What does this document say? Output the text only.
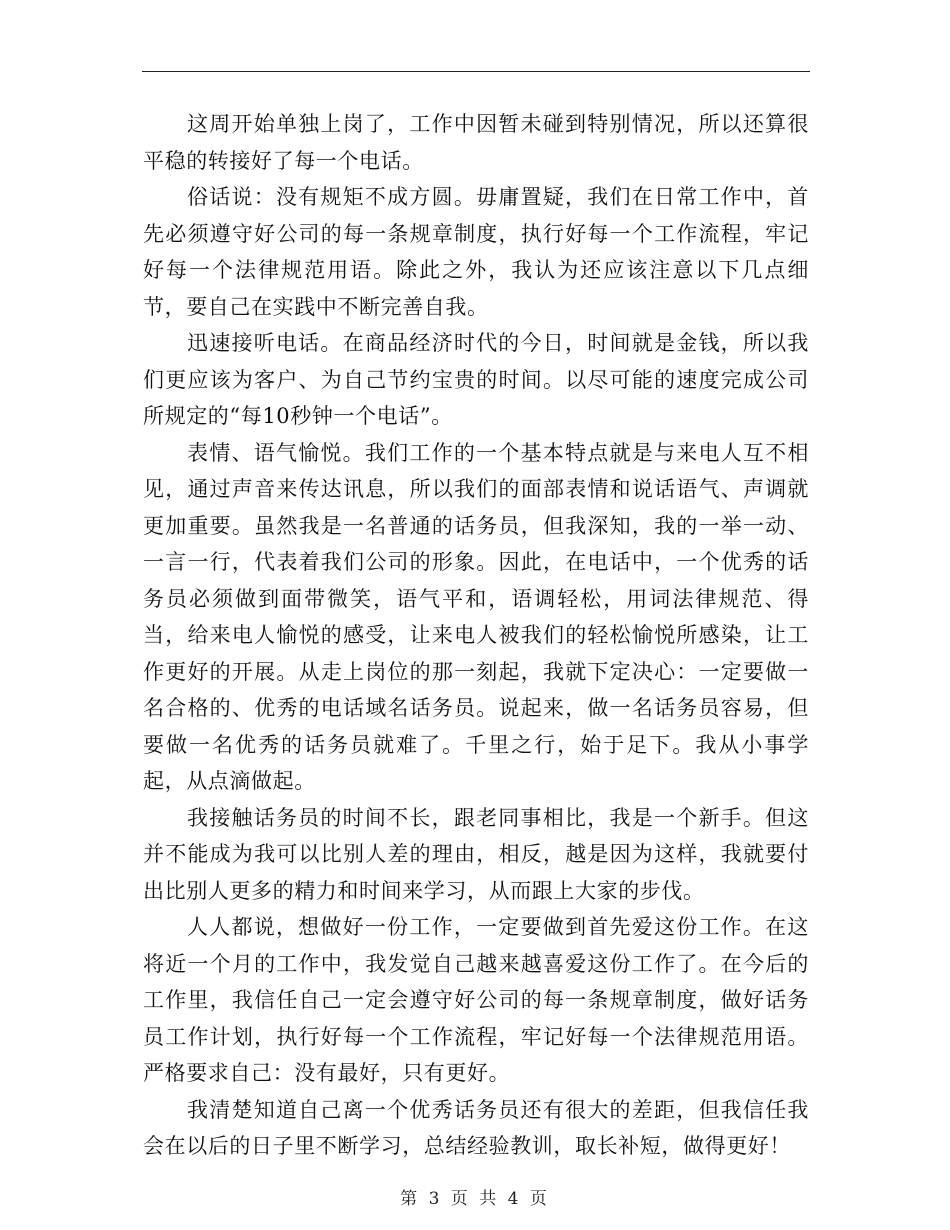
这周开始单独上岗了，工作中因暂未碰到特别情况，所以还算很平稳的转接好了每一个电话。

俗话说：没有规矩不成方圆。毋庸置疑，我们在日常工作中，首先必须遵守好公司的每一条规章制度，执行好每一个工作流程，牢记好每一个法律规范用语。除此之外，我认为还应该注意以下几点细节，要自己在实践中不断完善自我。

迅速接听电话。在商品经济时代的今日，时间就是金钱，所以我们更应该为客户、为自己节约宝贵的时间。以尽可能的速度完成公司所规定的“每10秒钟一个电话”。

表情、语气愉悦。我们工作的一个基本特点就是与来电人互不相见，通过声音来传达讯息，所以我们的面部表情和说话语气、声调就更加重要。虽然我是一名普通的话务员，但我深知，我的一举一动、一言一行，代表着我们公司的形象。因此，在电话中，一个优秀的话务员必须做到面带微笑，语气平和，语调轻松，用词法律规范、得当，给来电人愉悦的感受，让来电人被我们的轻松愉悦所感染，让工作更好的开展。从走上岗位的那一刻起，我就下定决心：一定要做一名合格的、优秀的电话域名话务员。说起来，做一名话务员容易，但要做一名优秀的话务员就难了。千里之行，始于足下。我从小事学起，从点滴做起。

我接触话务员的时间不长，跟老同事相比，我是一个新手。但这并不能成为我可以比别人差的理由，相反，越是因为这样，我就要付出比别人更多的精力和时间来学习，从而跟上大家的步伐。

人人都说，想做好一份工作，一定要做到首先爱这份工作。在这将近一个月的工作中，我发觉自己越来越喜爱这份工作了。在今后的工作里，我信任自己一定会遵守好公司的每一条规章制度，做好话务员工作计划，执行好每一个工作流程，牢记好每一个法律规范用语。严格要求自己：没有最好，只有更好。

我清楚知道自己离一个优秀话务员还有很大的差距，但我信任我会在以后的日子里不断学习，总结经验教训，取长补短，做得更好！

第 3 页 共 4 页
